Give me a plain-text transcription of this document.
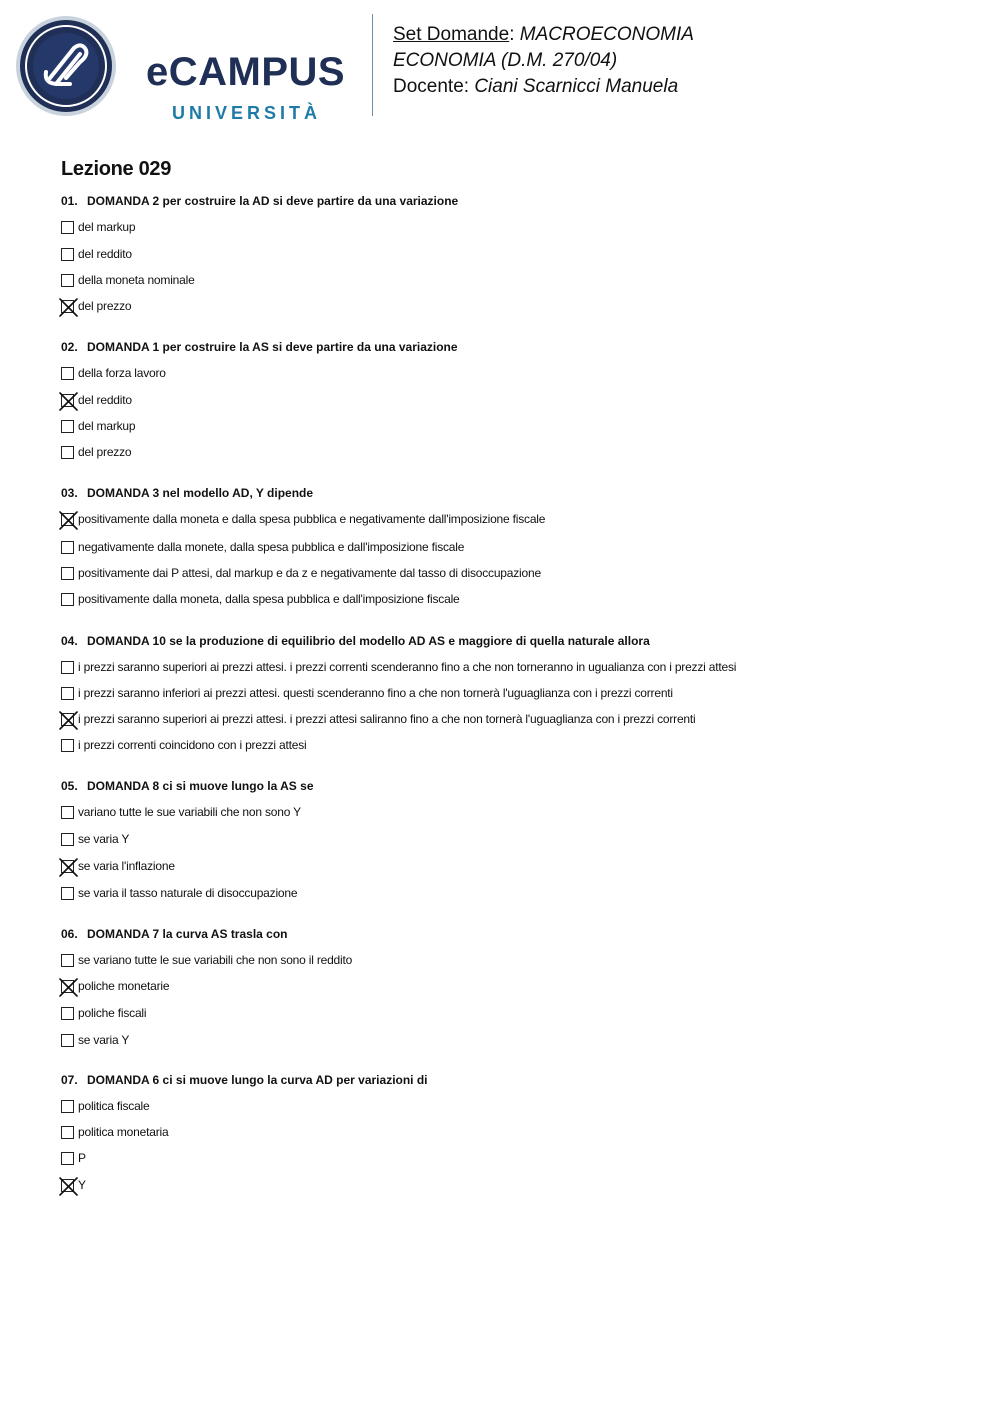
eCAMPUS
UNIVERSITÀ
Set Domande: MACROECONOMIA
ECONOMIA (D.M. 270/04)
Docente: Ciani Scarnicci Manuela
Lezione 029
01. DOMANDA 2 per costruire la AD si deve partire da una variazione
del markup
del reddito
della moneta nominale
del prezzo
02. DOMANDA 1 per costruire la AS si deve partire da una variazione
della forza lavoro
del reddito
del markup
del prezzo
03. DOMANDA 3 nel modello AD, Y dipende
positivamente dalla moneta e dalla spesa pubblica e negativamente dall'imposizione fiscale
negativamente dalla monete, dalla spesa pubblica e dall'imposizione fiscale
positivamente dai P attesi, dal markup e da z e negativamente dal tasso di disoccupazione
positivamente dalla moneta, dalla spesa pubblica e dall'imposizione fiscale
04. DOMANDA 10 se la produzione di equilibrio del modello AD AS e maggiore di quella naturale allora
i prezzi saranno superiori ai prezzi attesi. i prezzi correnti scenderanno fino a che non torneranno in ugualianza con i prezzi attesi
i prezzi saranno inferiori ai prezzi attesi. questi scenderanno fino a che non tornerà l'uguaglianza con i prezzi correnti
i prezzi saranno superiori ai prezzi attesi. i prezzi attesi saliranno fino a che non tornerà l'uguaglianza con i prezzi correnti
i prezzi correnti coincidono con i prezzi attesi
05. DOMANDA 8 ci si muove lungo la AS se
variano tutte le sue variabili che non sono Y
se varia Y
se varia l'inflazione
se varia il tasso naturale di disoccupazione
06. DOMANDA 7 la curva AS trasla con
se variano tutte le sue variabili che non sono il reddito
poliche monetarie
poliche fiscali
se varia Y
07. DOMANDA 6 ci si muove lungo la curva AD per variazioni di
politica fiscale
politica monetaria
P
Y
